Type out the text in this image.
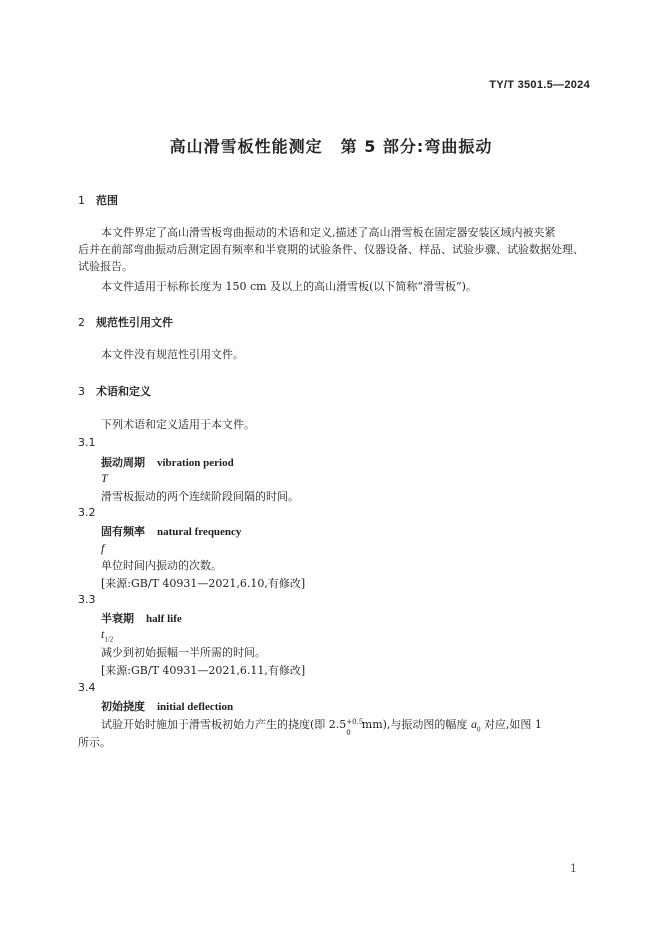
TY/T 3501.5—2024
高山滑雪板性能测定 第 5 部分:弯曲振动
1 范围
本文件界定了高山滑雪板弯曲振动的术语和定义,描述了高山滑雪板在固定器安装区域内被夹紧
后并在前部弯曲振动后测定固有频率和半衰期的试验条件、仪器设备、样品、试验步骤、试验数据处理、
试验报告。
本文件适用于标称长度为 150 cm 及以上的高山滑雪板(以下简称“滑雪板”)。
2 规范性引用文件
本文件没有规范性引用文件。
3 术语和定义
下列术语和定义适用于本文件。
3.1
振动周期 vibration period
T
滑雪板振动的两个连续阶段间隔的时间。
3.2
固有频率 natural frequency
f
单位时间内振动的次数。
[来源:GB/T 40931—2021,6.10,有修改]
3.3
半衰期 half life
$t_{1/2}$
减少到初始振幅一半所需的时间。
[来源:GB/T 40931—2021,6.11,有修改]
3.4
初始挠度 initial deflection
试验开始时施加于滑雪板初始力产生的挠度(即 2.5 +0.5
0
mm),与振动图的幅度 $a_0$ 对应,如图 1
所示。
1
